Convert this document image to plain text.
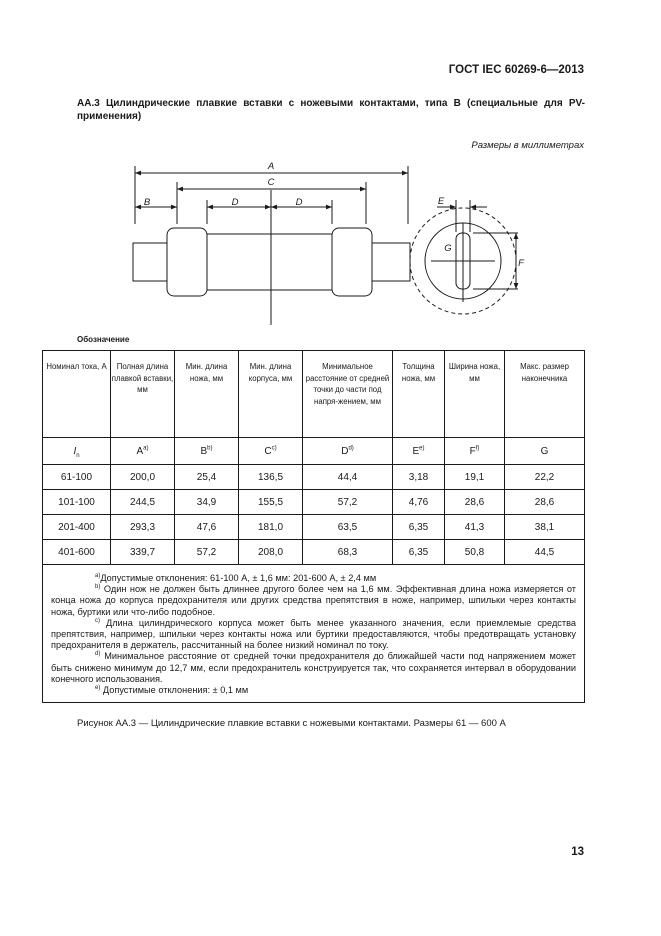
ГОСТ IEC 60269-6—2013
АА.3 Цилиндрические плавкие вставки с ножевыми контактами, типа B (специальные для PV-применения)
Размеры в миллиметрах
A
C
B	D	D	E
F
G
Обозначение
Номинал тока, А	Полная длина плавкой вставки, мм	Мин. длина ножа, мм	Мин. длина корпуса, мм	Минимальное расстояние от средней точки до части под напря-жением, мм	Толщина ножа, мм	Ширина ножа, мм	Макс. размер наконечника
$I_n$	$A^{a)}$	$B^{b)}$	$C^{c)}$	$D^{d)}$	$E^{e)}$	$F^{f)}$	G
61-100	200,0	25,4	136,5	44,4	3,18	19,1	22,2
101-100	244,5	34,9	155,5	57,2	4,76	28,6	28,6
201-400	293,3	47,6	181,0	63,5	6,35	41,3	38,1
401-600	339,7	57,2	208,0	68,3	6,35	50,8	44,5

$^{a)}$Допустимые отклонения: 61-100 А, ± 1,6 мм: 201-600 А, ± 2,4 мм

$^{b)}$ Один нож не должен быть длиннее другого более чем на 1,6 мм. Эффективная длина ножа измеряется от конца ножа до корпуса предохранителя или других средства препятствия в ноже, например, шпильки через контакты ножа, буртики или что-либо подобное.

$^{c)}$ Длина цилиндрического корпуса может быть менее указанного значения, если приемлемые средства препятствия, например, шпильки через контакты ножа или буртики предоставляются, чтобы предотвращать установку предохранителя в держатель, рассчитанный на более низкий номинал по току.

$^{d)}$ Минимальное расстояние от средней точки предохранителя до ближайшей части под напряжением может быть снижено минимум до 12,7 мм, если предохранитель конструируется так, что сохраняется интервал в оборудовании конечного использования.

$^{e)}$ Допустимые отклонения: ± 0,1 мм							

Рисунок АА.3 — Цилиндрические плавкие вставки с ножевыми контактами. Размеры 61 — 600 А
13
